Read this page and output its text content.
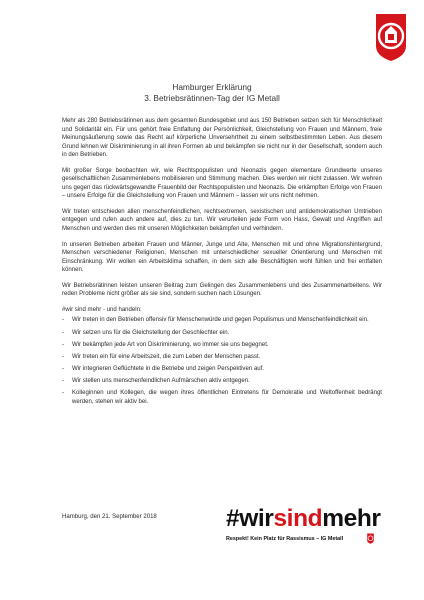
Hamburger Erklärung
3. Betriebsrätinnen-Tag der IG Metall

Mehr als 280 Betriebsrätinnen aus dem gesamten Bundesgebiet und aus 150 Betrieben setzen sich für Menschlichkeit und Solidarität ein. Für uns gehört freie Entfaltung der Persönlichkeit, Gleichstellung von Frauen und Männern, freie Meinungsäußerung sowie das Recht auf körperliche Unversehrtheit zu einem selbstbestimmten Leben. Aus diesem Grund lehnen wir Diskriminierung in all ihren Formen ab und bekämpfen sie nicht nur in der Gesellschaft, sondern auch in den Betrieben.

Mit großer Sorge beobachten wir, wie Rechtspopulisten und Neonazis gegen elementare Grundwerte unseres gesellschaftlichen Zusammenlebens mobilisieren und Stimmung machen. Dies werden wir nicht zulassen. Wir wehren uns gegen das rückwärtsgewandte Frauenbild der Rechtspopulisten und Neonazis. Die erkämpften Erfolge von Frauen – unsere Erfolge für die Gleichstellung von Frauen und Männern – lassen wir uns nicht nehmen.

Wir treten entschieden allen menschenfeindlichen, rechtsextremen, sexistischen und antidemokratischen Umtrieben entgegen und rufen auch andere auf, dies zu tun. Wir verurteilen jede Form von Hass, Gewalt und Angriffen auf Menschen und werden dies mit unseren Möglichkeiten bekämpfen und verhindern.

In unseren Betrieben arbeiten Frauen und Männer, Junge und Alte, Menschen mit und ohne Migrationshintergrund, Menschen verschiedener Religionen, Menschen mit unterschiedlicher sexueller Orientierung und Menschen mit Einschränkung. Wir wollen ein Arbeitsklima schaffen, in dem sich alle Beschäftigten wohl fühlen und frei entfalten können.

Wir Betriebsrätinnen leisten unseren Beitrag zum Gelingen des Zusammenlebens und des Zusammenarbeitens. Wir reden Probleme nicht größer als sie sind, sondern suchen nach Lösungen.

#wir sind mehr - und handeln:

- Wir treten in den Betrieben offensiv für Menschenwürde und gegen Populismus und Menschenfeindlichkeit ein.
- Wir setzen uns für die Gleichstellung der Geschlechter ein.
- Wir bekämpfen jede Art von Diskriminierung, wo immer sie uns begegnet.
- Wir treten ein für eine Arbeitszeit, die zum Leben der Menschen passt.
- Wir integrieren Geflüchtete in die Betriebe und zeigen Perspektiven auf.
- Wir stellen uns menschenfeindlichen Aufmärschen aktiv entgegen.
- Kolleginnen und Kollegen, die wegen ihres öffentlichen Eintretens für Demokratie und Weltoffenheit bedrängt werden, stehen wir aktiv bei.
Hamburg, den 21. September 2018	#wirsindmehr
Respekt! Kein Platz für Rassismus – IG Metall
